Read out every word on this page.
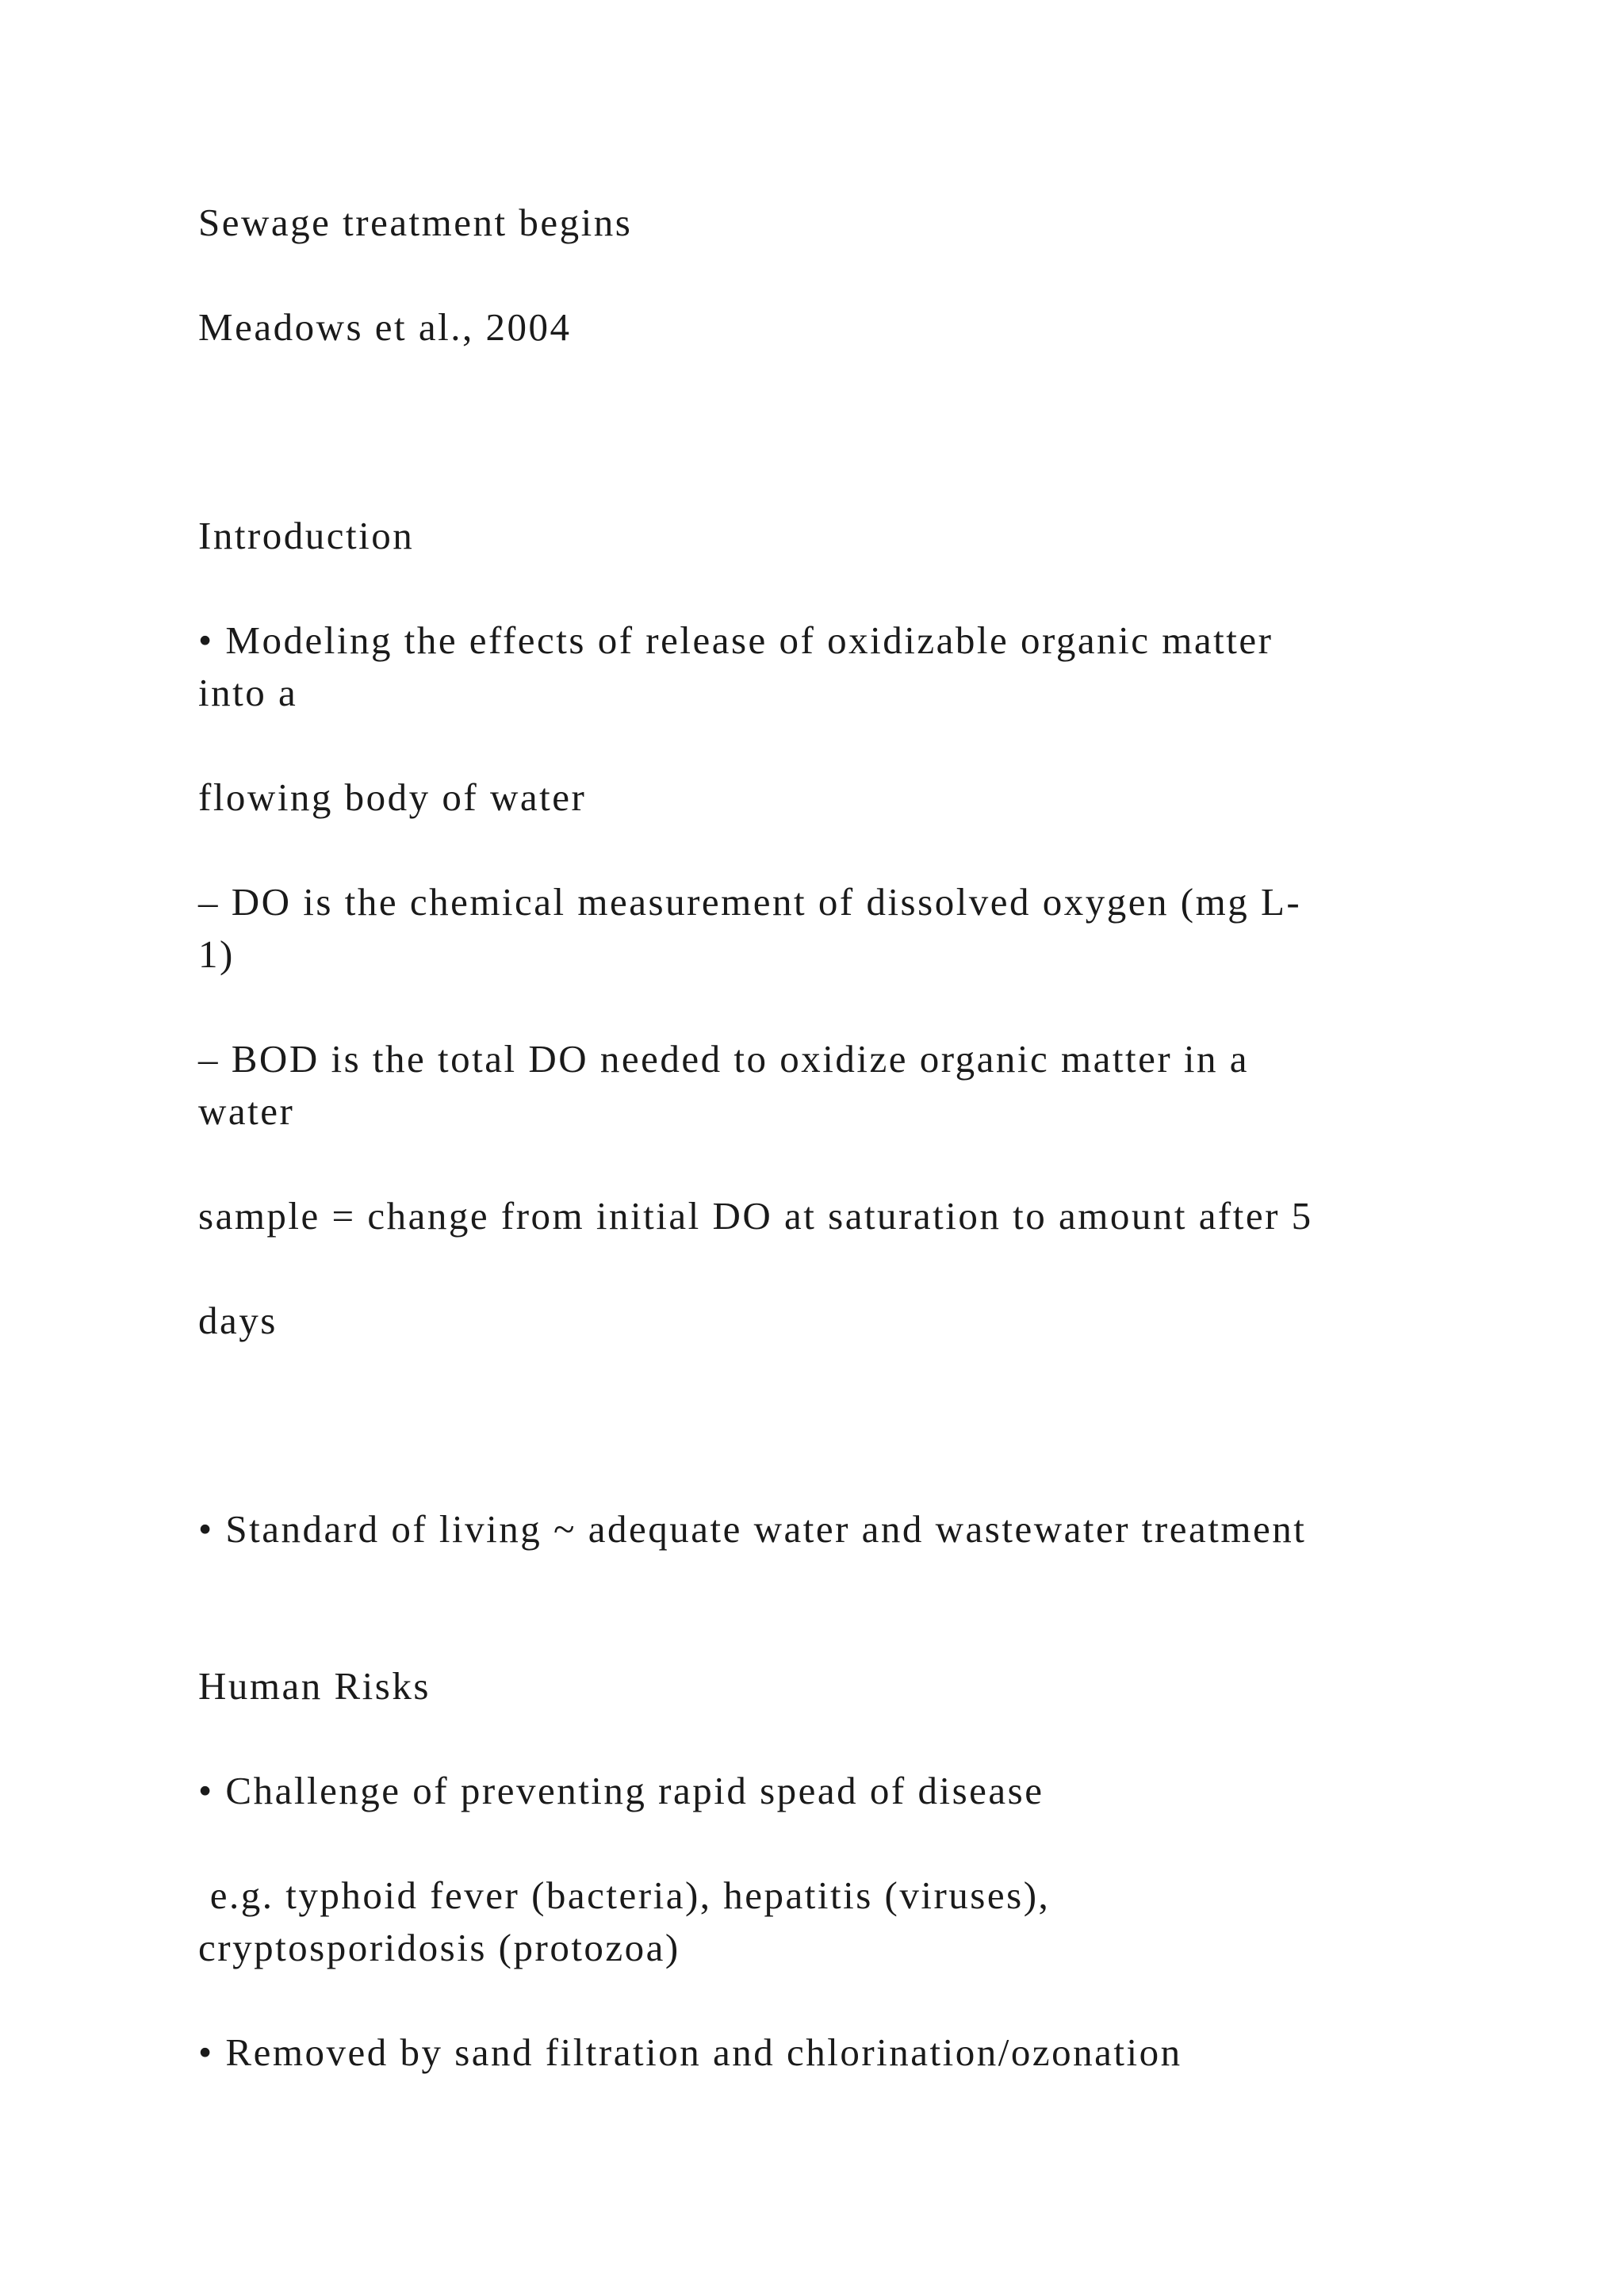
Sewage treatment begins

Meadows et al., 2004

Introduction

• Modeling the effects of release of oxidizable organic matter

into a

flowing body of water

– DO is the chemical measurement of dissolved oxygen (mg L-

1)

– BOD is the total DO needed to oxidize organic matter in a

water

sample = change from initial DO at saturation to amount after 5

days

• Standard of living ~ adequate water and wastewater treatment

Human Risks

• Challenge of preventing rapid spead of disease

e.g. typhoid fever (bacteria), hepatitis (viruses),

cryptosporidosis (protozoa)

• Removed by sand filtration and chlorination/ozonation
